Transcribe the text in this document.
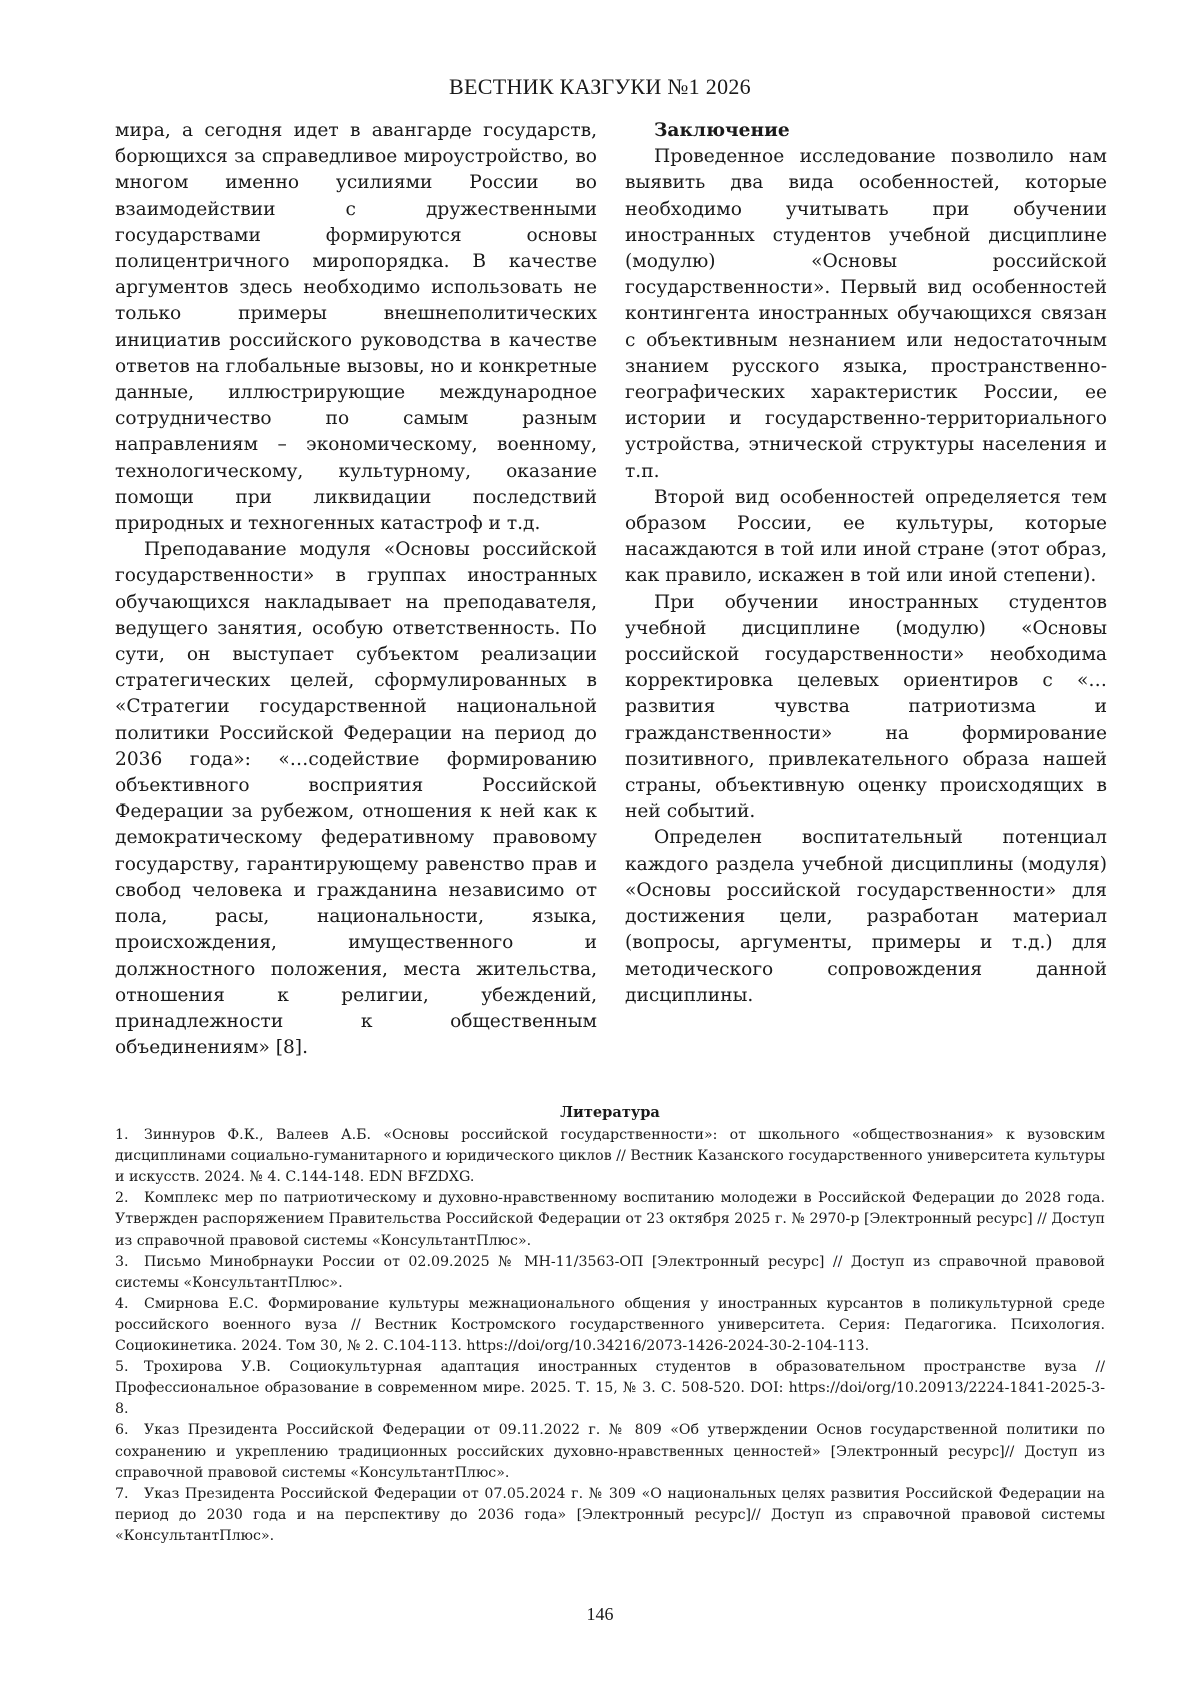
ВЕСТНИК КАЗГУКИ №1 2026

мира, а сегодня идет в авангарде государств, борющихся за справедливое мироустройство, во многом именно усилиями России во взаимодействии с дружественными государствами формируются основы полицентричного миропорядка. В качестве аргументов здесь необходимо использовать не только примеры внешнеполитических инициатив российского руководства в качестве ответов на глобальные вызовы, но и конкретные данные, иллюстрирующие международное сотрудничество по самым разным направлениям – экономическому, военному, технологическому, культурному, оказание помощи при ликвидации последствий природных и техногенных катастроф и т.д.

Преподавание модуля «Основы российской государственности» в группах иностранных обучающихся накладывает на преподавателя, ведущего занятия, особую ответственность. По сути, он выступает субъектом реализации стратегических целей, сформулированных в «Стратегии государственной национальной политики Российской Федерации на период до 2036 года»: «…содействие формированию объективного восприятия Российской Федерации за рубежом, отношения к ней как к демократическому федеративному правовому государству, гарантирующему равенство прав и свобод человека и гражданина независимо от пола, расы, национальности, языка, происхождения, имущественного и должностного положения, места жительства, отношения к религии, убеждений, принадлежности к общественным объединениям» [8].

Заключение

Проведенное исследование позволило нам выявить два вида особенностей, которые необходимо учитывать при обучении иностранных студентов учебной дисциплине (модулю) «Основы российской государственности». Первый вид особенностей контингента иностранных обучающихся связан с объективным незнанием или недостаточным знанием русского языка, пространственно-географических характеристик России, ее истории и государственно-территориального устройства, этнической структуры населения и т.п.

Второй вид особенностей определяется тем образом России, ее культуры, которые насаждаются в той или иной стране (этот образ, как правило, искажен в той или иной степени).

При обучении иностранных студентов учебной дисциплине (модулю) «Основы российской государственности» необходима корректировка целевых ориентиров с «…развития чувства патриотизма и гражданственности» на формирование позитивного, привлекательного образа нашей страны, объективную оценку происходящих в ней событий.

Определен воспитательный потенциал каждого раздела учебной дисциплины (модуля) «Основы российской государственности» для достижения цели, разработан материал (вопросы, аргументы, примеры и т.д.) для методического сопровождения данной дисциплины.

Литература

1. Зиннуров Ф.К., Валеев А.Б. «Основы российской государственности»: от школьного «обществознания» к вузовским дисциплинами социально-гуманитарного и юридического циклов // Вестник Казанского государственного университета культуры и искусств. 2024. № 4. С.144-148. EDN BFZDXG.

2. Комплекс мер по патриотическому и духовно-нравственному воспитанию молодежи в Российской Федерации до 2028 года. Утвержден распоряжением Правительства Российской Федерации от 23 октября 2025 г. № 2970-р [Электронный ресурс] // Доступ из справочной правовой системы «КонсультантПлюс».

3. Письмо Минобрнауки России от 02.09.2025 № МН-11/3563-ОП [Электронный ресурс] // Доступ из справочной правовой системы «КонсультантПлюс».

4. Смирнова Е.С. Формирование культуры межнационального общения у иностранных курсантов в поликультурной среде российского военного вуза // Вестник Костромского государственного университета. Серия: Педагогика. Психология. Социокинетика. 2024. Том 30, № 2. С.104-113. https://doi/org/10.34216/2073-1426-2024-30-2-104-113.

5. Трохирова У.В. Социокультурная адаптация иностранных студентов в образовательном пространстве вуза // Профессиональное образование в современном мире. 2025. Т. 15, № 3. С. 508-520. DOI: https://doi/org/10.20913/2224-1841-2025-3-8.

6. Указ Президента Российской Федерации от 09.11.2022 г. № 809 «Об утверждении Основ государственной политики по сохранению и укреплению традиционных российских духовно-нравственных ценностей» [Электронный ресурс]// Доступ из справочной правовой системы «КонсультантПлюс».

7. Указ Президента Российской Федерации от 07.05.2024 г. № 309 «О национальных целях развития Российской Федерации на период до 2030 года и на перспективу до 2036 года» [Электронный ресурс]// Доступ из справочной правовой системы «КонсультантПлюс».

146
